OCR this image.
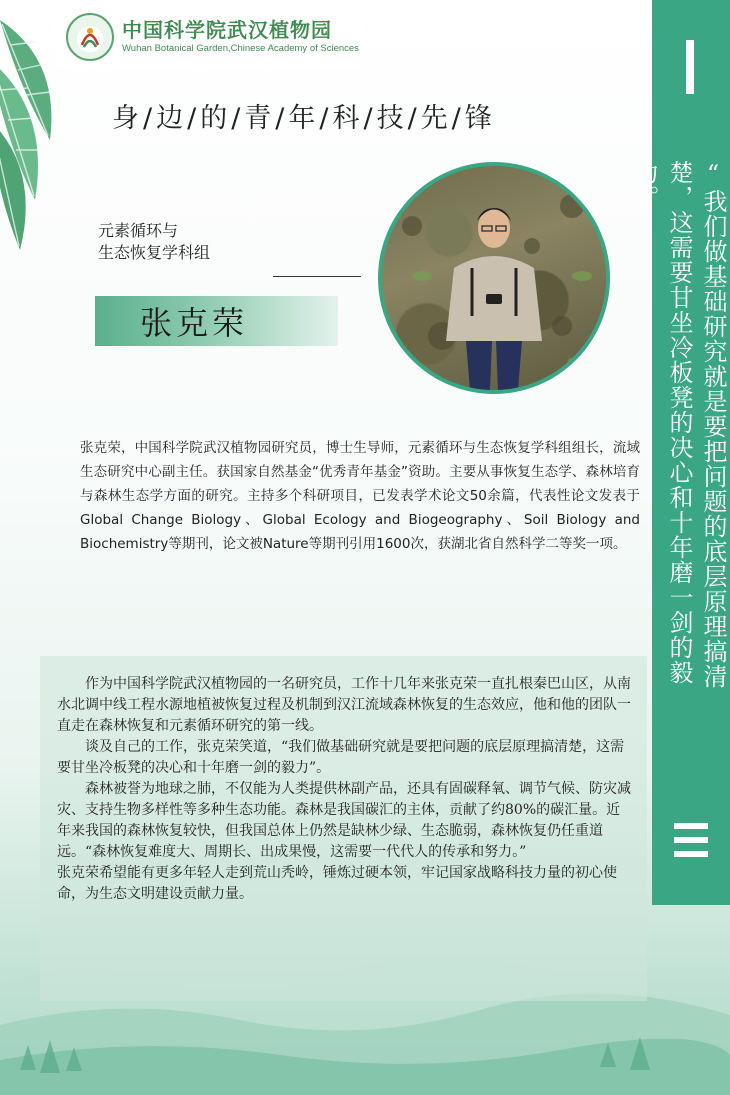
中国科学院武汉植物园
Wuhan Botanical Garden,Chinese Academy of Sciences
“我们做基础研究就是要把问题的底层原理搞清楚，这需要甘坐冷板凳的决心和十年磨一剑的毅力。”
身/边/的/青/年/科/技/先/锋
元素循环与
生态恢复学科组
张克荣
张克荣，中国科学院武汉植物园研究员，博士生导师，元素循环与生态恢复学科组组长，流域生态研究中心副主任。获国家自然基金“优秀青年基金”资助。主要从事恢复生态学、森林培育与森林生态学方面的研究。主持多个科研项目，已发表学术论文50余篇，代表性论文发表于Global Change Biology、Global Ecology and Biogeography、Soil Biology and Biochemistry等期刊，论文被Nature等期刊引用1600次，获湖北省自然科学二等奖一项。

作为中国科学院武汉植物园的一名研究员，工作十几年来张克荣一直扎根秦巴山区，从南水北调中线工程水源地植被恢复过程及机制到汉江流域森林恢复的生态效应，他和他的团队一直走在森林恢复和元素循环研究的第一线。

谈及自己的工作，张克荣笑道，“我们做基础研究就是要把问题的底层原理搞清楚，这需要甘坐冷板凳的决心和十年磨一剑的毅力”。

森林被誉为地球之肺，不仅能为人类提供林副产品，还具有固碳释氧、调节气候、防灾减灾、支持生物多样性等多种生态功能。森林是我国碳汇的主体，贡献了约80%的碳汇量。近年来我国的森林恢复较快，但我国总体上仍然是缺林少绿、生态脆弱，森林恢复仍任重道远。“森林恢复难度大、周期长、出成果慢，这需要一代代人的传承和努力。”

张克荣希望能有更多年轻人走到荒山秃岭，锤炼过硬本领，牢记国家战略科技力量的初心使命，为生态文明建设贡献力量。
